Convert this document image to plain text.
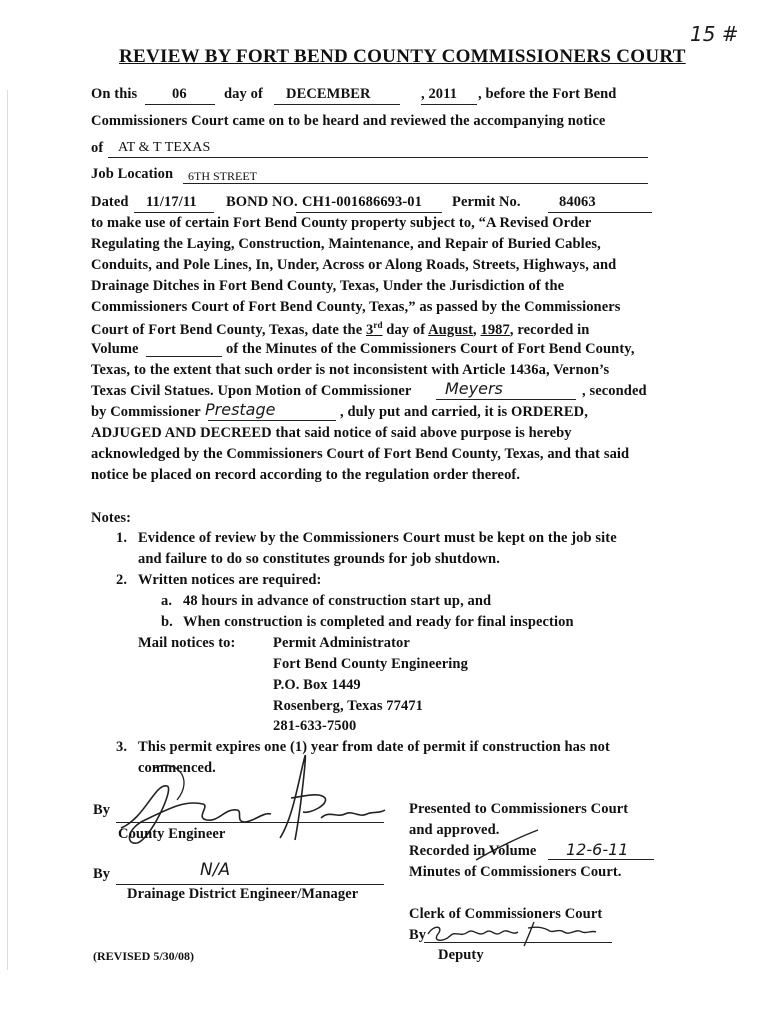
15 #
REVIEW BY FORT BEND COUNTY COMMISSIONERS COURT
On this 06	day of DECEMBER	, 2011 , before the Fort Bend
Commissioners Court came on to be heard and reviewed the accompanying notice
of AT & T TEXAS
Job Location 6TH STREET
Dated 11/17/11 BOND NO. CH1-001686693-01 Permit No.	84063
to make use of certain Fort Bend County property subject to, “A Revised Order
Regulating the Laying, Construction, Maintenance, and Repair of Buried Cables,
Conduits, and Pole Lines, In, Under, Across or Along Roads, Streets, Highways, and
Drainage Ditches in Fort Bend County, Texas, Under the Jurisdiction of the
Commissioners Court of Fort Bend County, Texas,” as passed by the Commissioners
Court of Fort Bend County, Texas, date the 3rd day of August, 1987, recorded in
Volume	of the Minutes of the Commissioners Court of Fort Bend County,
Texas, to the extent that such order is not inconsistent with Article 1436a, Vernon’s
Texas Civil Statues. Upon Motion of Commissioner Meyers	, seconded
by Commissioner Prestage	, duly put and carried, it is ORDERED,
ADJUGED AND DECREED that said notice of said above purpose is hereby
acknowledged by the Commissioners Court of Fort Bend County, Texas, and that said
notice be placed on record according to the regulation order thereof.
Notes:
1. Evidence of review by the Commissioners Court must be kept on the job site
and failure to do so constitutes grounds for job shutdown.
2. Written notices are required:
a. 48 hours in advance of construction start up, and
b. When construction is completed and ready for final inspection
Mail notices to:	Permit Administrator
Fort Bend County Engineering
P.O. Box 1449
Rosenberg, Texas 77471
281-633-7500
3. This permit expires one (1) year from date of permit if construction has not
commenced.
By
County Engineer
By	N/A
Drainage District Engineer/Manager
Presented to Commissioners Court
and approved.
Recorded in Volume 12-6-11
Minutes of Commissioners Court.
Clerk of Commissioners Court
By
Deputy
(REVISED 5/30/08)
